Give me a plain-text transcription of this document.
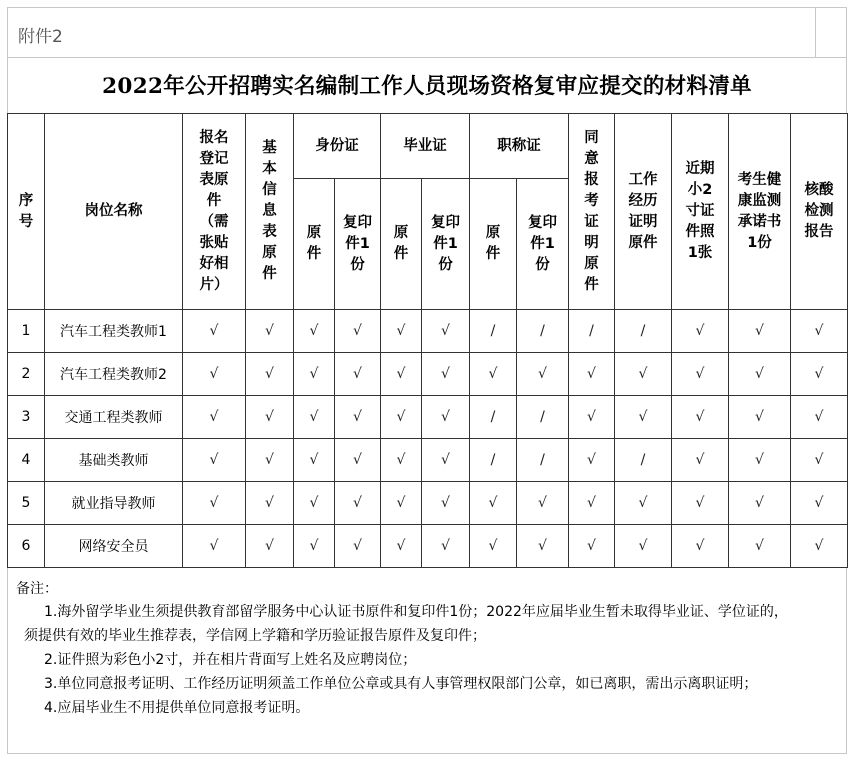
附件2
2022年公开招聘实名编制工作人员现场资格复审应提交的材料清单
序号	岗位名称	报名登记表原件（需张贴好相片）	基本信息表原件	身份证		毕业证		职称证		同意报考证明原件	工作经历证明原件	近期小2寸证件照1张	考生健康监测承诺书1份	核酸检测报告
				原件	复印件1份	原件	复印件1份	原件	复印件1份					
1	汽车工程类教师1	√	√	√	√	√	√	/	/	/	/	√	√	√
2	汽车工程类教师2	√	√	√	√	√	√	√	√	√	√	√	√	√
3	交通工程类教师	√	√	√	√	√	√	/	/	√	√	√	√	√
4	基础类教师	√	√	√	√	√	√	/	/	√	/	√	√	√
5	就业指导教师	√	√	√	√	√	√	√	√	√	√	√	√	√
6	网络安全员	√	√	√	√	√	√	√	√	√	√	√	√	√
备注：
1.海外留学毕业生须提供教育部留学服务中心认证书原件和复印件1份；2022年应届毕业生暂未取得毕业证、学位证的，
须提供有效的毕业生推荐表，学信网上学籍和学历验证报告原件及复印件；
2.证件照为彩色小2寸，并在相片背面写上姓名及应聘岗位；
3.单位同意报考证明、工作经历证明须盖工作单位公章或具有人事管理权限部门公章，如已离职，需出示离职证明；
4.应届毕业生不用提供单位同意报考证明。
